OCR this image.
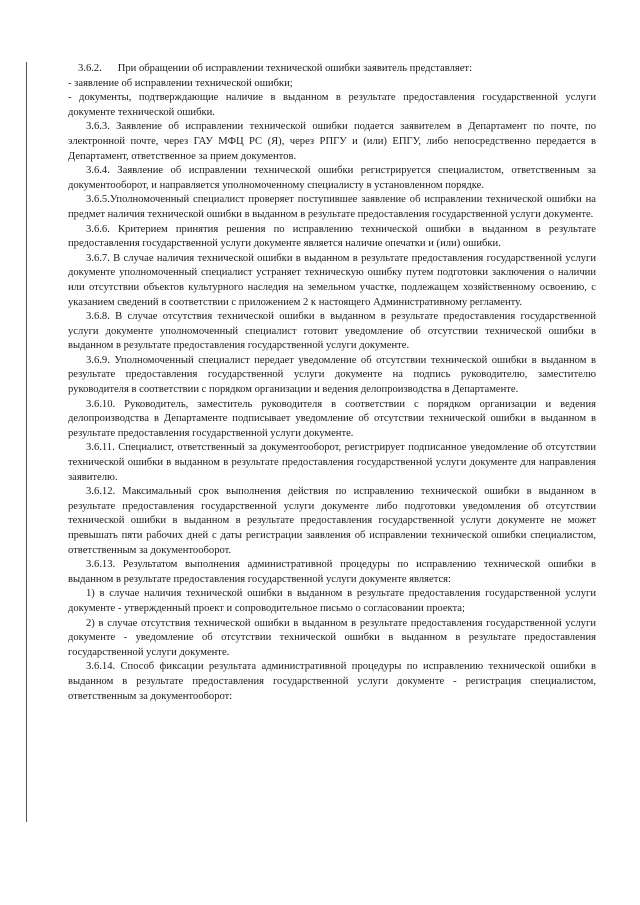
3.6.2.      При обращении об исправлении технической ошибки заявитель представляет:

- заявление об исправлении технической ошибки;

- документы, подтверждающие наличие в выданном в результате предоставления государственной услуги документе технической ошибки.

3.6.3. Заявление об исправлении технической ошибки подается заявителем в Департамент по почте, по электронной почте, через ГАУ МФЦ РС (Я), через РПГУ и (или) ЕПГУ, либо непосредственно передается в Департамент, ответственное за прием документов.

3.6.4. Заявление об исправлении технической ошибки регистрируется специалистом, ответственным за документооборот, и направляется уполномоченному специалисту в установленном порядке.

3.6.5.Уполномоченный специалист проверяет поступившее заявление об исправлении технической ошибки на предмет наличия технической ошибки в выданном в результате предоставления государственной услуги документе.

3.6.6. Критерием принятия решения по исправлению технической ошибки в выданном в результате предоставления государственной услуги документе является наличие опечатки и (или) ошибки.

3.6.7. В случае наличия технической ошибки в выданном в результате предоставления государственной услуги документе уполномоченный специалист устраняет техническую ошибку путем подготовки заключения о наличии или отсутствии объектов культурного наследия на земельном участке, подлежащем хозяйственному освоению, с указанием сведений в соответствии с приложением 2 к настоящего Административному регламенту.

3.6.8. В случае отсутствия технической ошибки в выданном в результате предоставления государственной услуги документе уполномоченный специалист готовит уведомление об отсутствии технической ошибки в выданном в результате предоставления государственной услуги документе.

3.6.9. Уполномоченный специалист передает уведомление об отсутствии технической ошибки в выданном в результате предоставления государственной услуги документе на подпись руководителю, заместителю руководителя в соответствии с порядком организации и ведения делопроизводства в Департаменте.

3.6.10. Руководитель, заместитель руководителя в соответствии с порядком организации и ведения делопроизводства в Департаменте подписывает уведомление об отсутствии технической ошибки в выданном в результате предоставления государственной услуги документе.

3.6.11. Специалист, ответственный за документооборот, регистрирует подписанное уведомление об отсутствии технической ошибки в выданном в результате предоставления государственной услуги документе для направления заявителю.

3.6.12. Максимальный срок выполнения действия по исправлению технической ошибки в выданном в результате предоставления государственной услуги документе либо подготовки уведомления об отсутствии технической ошибки в выданном в результате предоставления государственной услуги документе не может превышать пяти рабочих дней с даты регистрации заявления об исправлении технической ошибки специалистом, ответственным за документооборот.

3.6.13. Результатом выполнения административной процедуры по исправлению технической ошибки в выданном в результате предоставления государственной услуги документе является:

1) в случае наличия технической ошибки в выданном в результате предоставления государственной услуги документе - утвержденный проект и сопроводительное письмо о согласовании проекта;

2) в случае отсутствия технической ошибки в выданном в результате предоставления государственной услуги документе - уведомление об отсутствии технической ошибки в выданном в результате предоставления государственной услуги документе.

3.6.14. Способ фиксации результата административной процедуры по исправлению технической ошибки в выданном в результате предоставления государственной услуги документе - регистрация специалистом, ответственным за документооборот:
